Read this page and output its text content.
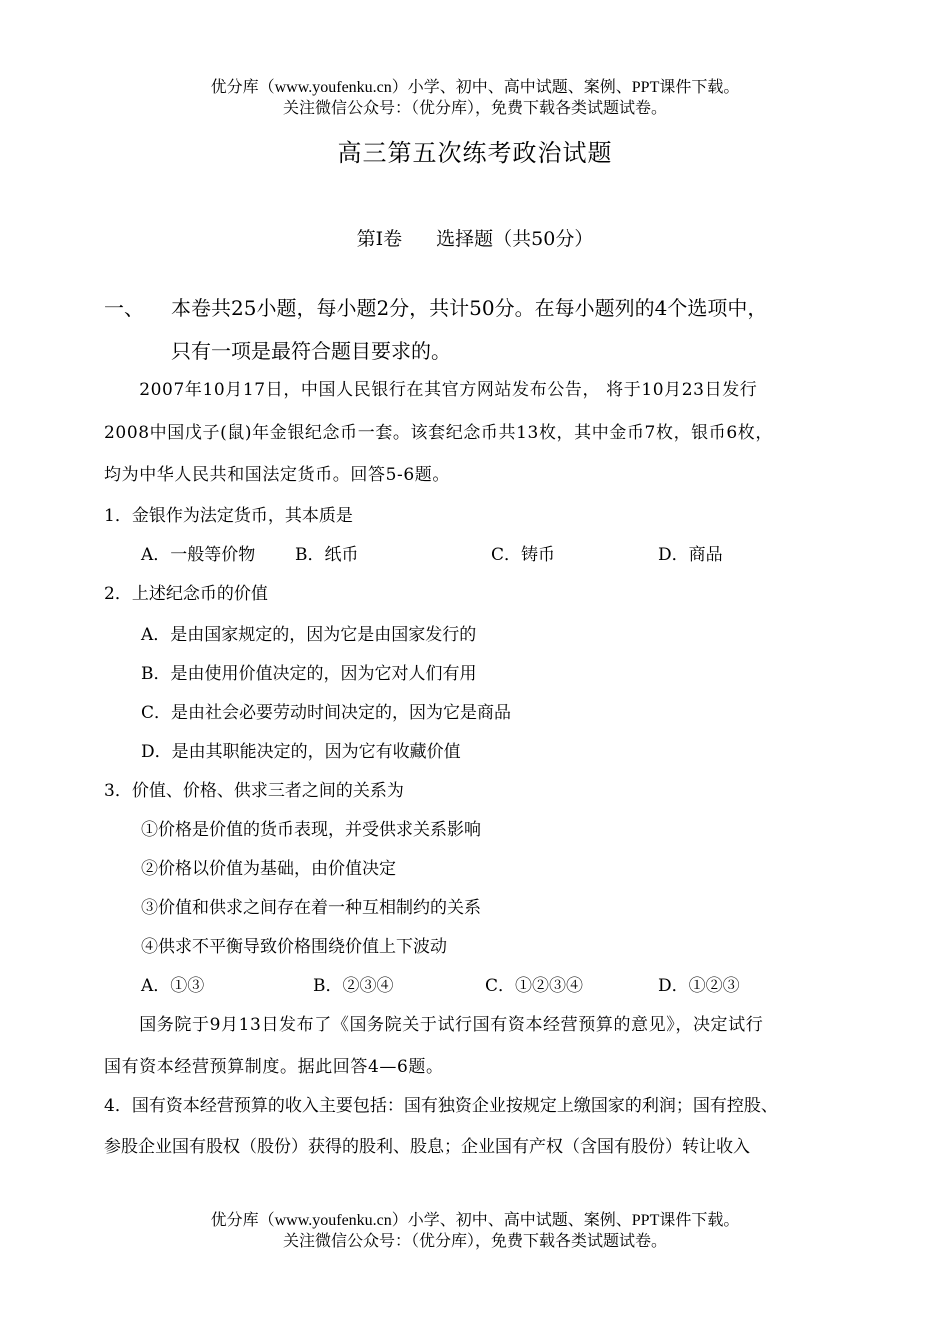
优分库（www.youfenku.cn）小学、初中、高中试题、案例、PPT课件下载。
关注微信公众号：（优分库），免费下载各类试题试卷。
高三第五次练考政治试题
第Ⅰ卷 选择题（共50分）
一、 本卷共25小题，每小题2分，共计50分。在每小题列的4个选项中，
只有一项是最符合题目要求的。
　　2007年10月17日，中国人民银行在其官方网站发布公告， 将于10月23日发行
2008中国戊子(鼠)年金银纪念币一套。该套纪念币共13枚，其中金币7枚，银币6枚，
均为中华人民共和国法定货币。回答5-6题。
1．金银作为法定货币，其本质是
A．一般等价物 B．纸币	C．铸币	D．商品
2．上述纪念币的价值
A．是由国家规定的，因为它是由国家发行的
B．是由使用价值决定的，因为它对人们有用
C．是由社会必要劳动时间决定的，因为它是商品
D．是由其职能决定的，因为它有收藏价值
3．价值、价格、供求三者之间的关系为
①价格是价值的货币表现，并受供求关系影响
②价格以价值为基础，由价值决定
③价值和供求之间存在着一种互相制约的关系
④供求不平衡导致价格围绕价值上下波动
A．①③	B．②③④	C．①②③④	D．①②③
　　国务院于9月13日发布了《国务院关于试行国有资本经营预算的意见》，决定试行
国有资本经营预算制度。据此回答4—6题。
4．国有资本经营预算的收入主要包括：国有独资企业按规定上缴国家的利润；国有控股、
参股企业国有股权（股份）获得的股利、股息；企业国有产权（含国有股份）转让收入
优分库（www.youfenku.cn）小学、初中、高中试题、案例、PPT课件下载。
关注微信公众号：（优分库），免费下载各类试题试卷。
